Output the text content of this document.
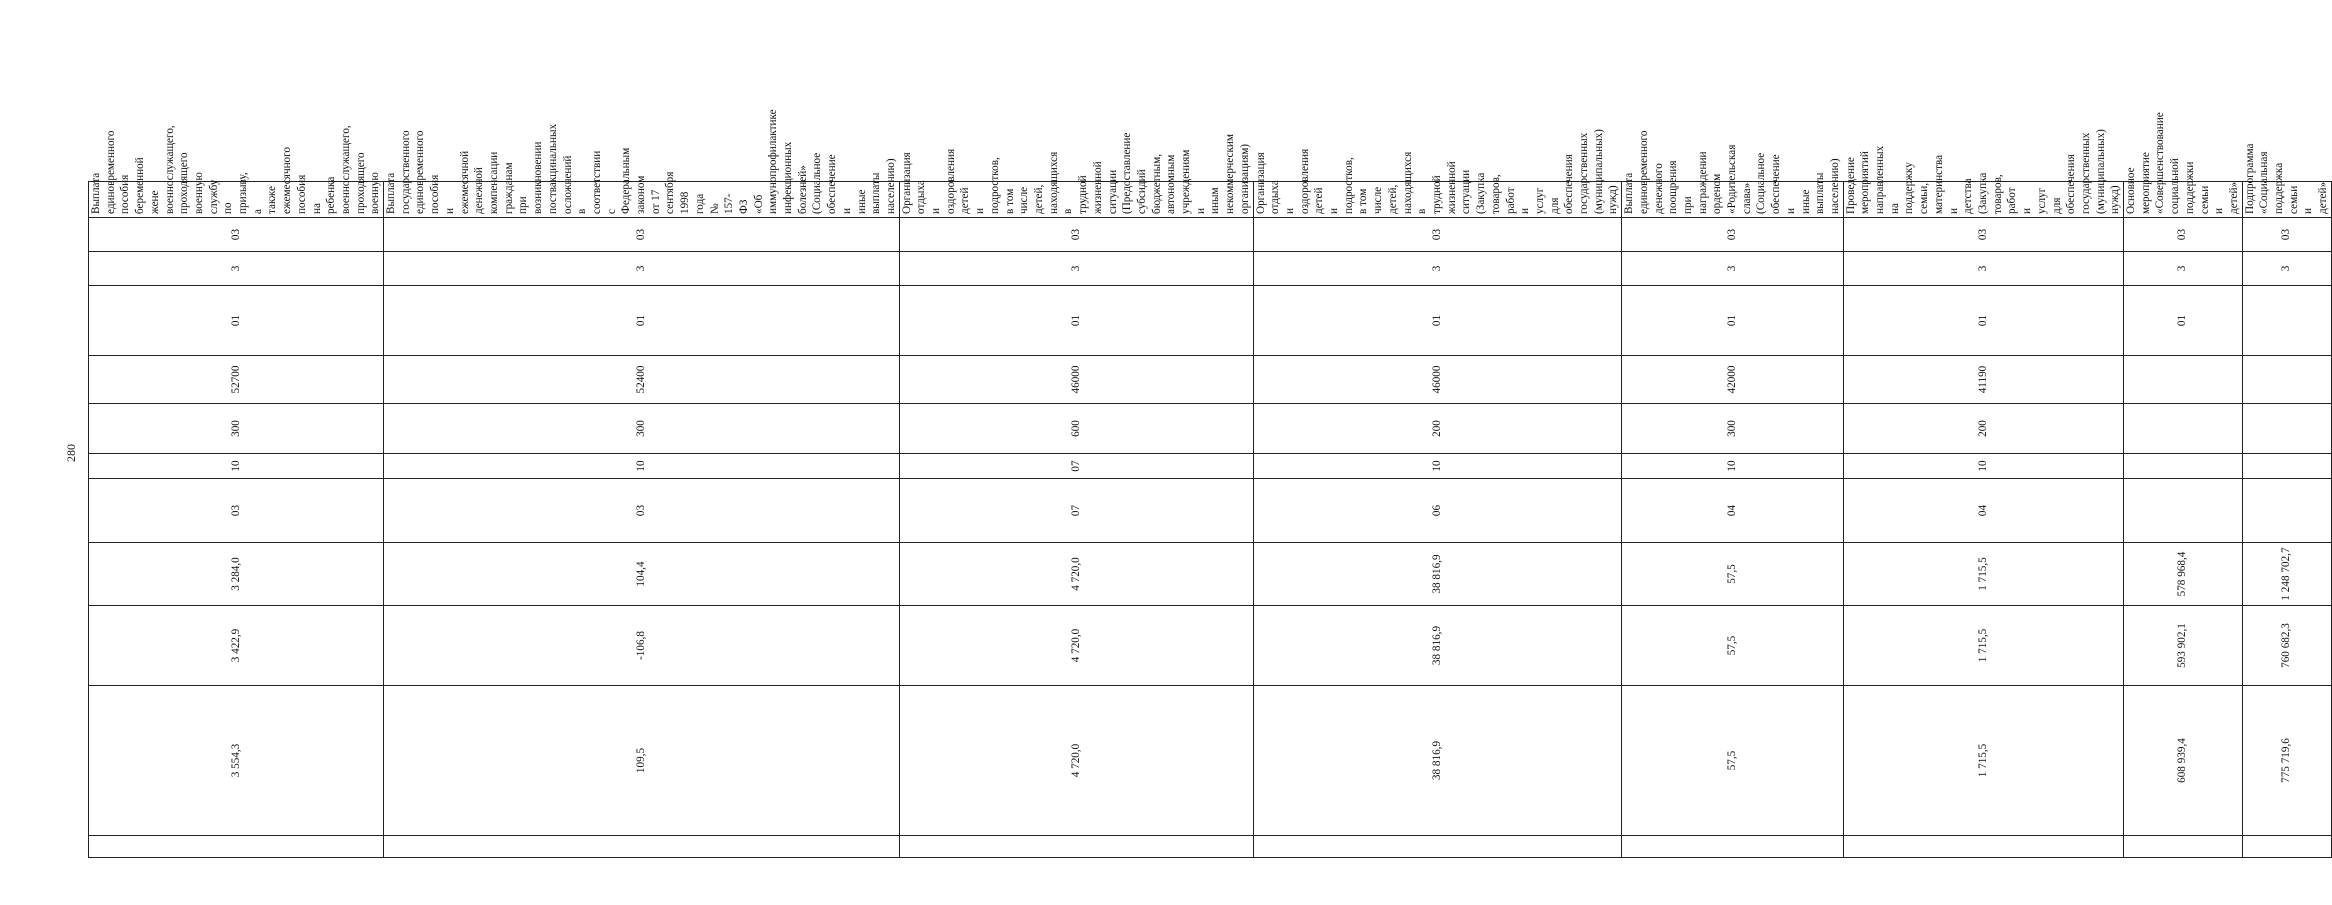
280
	3 554,3	3 422,9	3 284,0	03	10	300	52700	01	3	03	Выплата единовременного пособия беременной жене военнослужащего, проходящего военную службу по призыву, а также ежемесячного пособия на ребенка военнослужащего, проходящего военную
	109,5	-106,8	104,4	03	10	300	52400	01	3	03	Выплата государственного единовременного пособия и ежемесячной денежной компенсации гражданам при возникновении поствакцинальных осложнений в соответствии с Федеральным законом от 17 сентября 1998 года № 157-ФЗ «Об иммунопрофилактике инфекционных болезней» (Социальное обеспечение и иные выплаты населению)
	4 720,0	4 720,0	4 720,0	07	07	600	46000	01	3	03	Организация отдыха и оздоровления детей и подростков, в том числе детей, находящихся в трудной жизненной ситуации (Предоставление субсидий бюджетным, автономным учреждениям и иным некоммерческим организациям)
	38 816,9	38 816,9	38 816,9	06	10	200	46000	01	3	03	Организация отдыха и оздоровления детей и подростков, в том числе детей, находящихся в трудной жизненной ситуации (Закупка товаров, работ и услуг для обеспечения государственных (муниципальных) нужд)
	57,5	57,5	57,5	04	10	300	42000	01	3	03	Выплата единовременного денежного поощрения при награждении орденом «Родительская слава» (Социальное обеспечение и иные выплаты населению)
	1 715,5	1 715,5	1 715,5	04	10	200	41190	01	3	03	Проведение мероприятий направленных на поддержку семьи, материнства и детства (Закупка товаров, работ и услуг для обеспечения государственных (муниципальных) нужд)
	608 939,4	593 902,1	578 968,4					01	3	03	Основное мероприятие «Совершенствование социальной поддержки семьи и детей»
	775 719,6	760 682,3	1 248 702,7						3	03	Подпрограмма «Социальная поддержка семьи и детей»
